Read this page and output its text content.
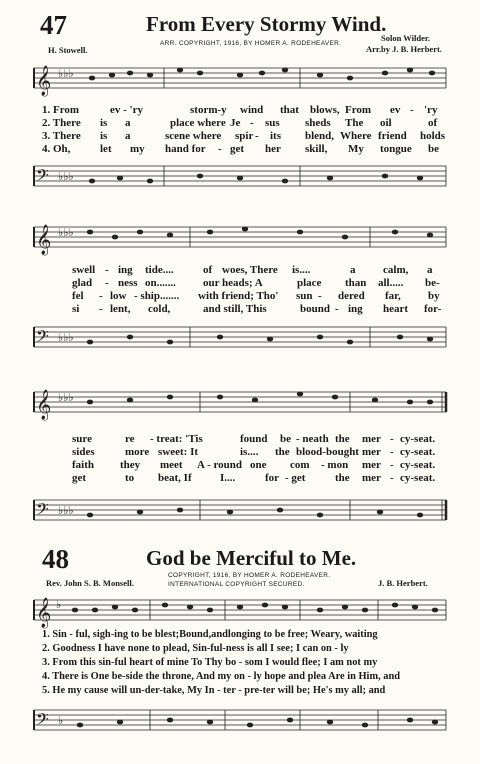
47	From Every Stormy Wind.
Solon Wilder.
H. Stowell.
ARR. COPYRIGHT, 1916, BY HOMER A. RODEHEAVER.
Arr.by J. B. Herbert.
𝄞 ♭♭♭
1. From	ev - 'ry	storm-y wind that blows, From ev - 'ry
2. There is a	place where Je - sus sheds The oil	of
3. There is a	scene where spir - its blend, Where friend holds
4. Oh,	let my hand for - get her skill, My tongue be
𝄢 ♭♭♭
𝄞 ♭♭♭
swell - ing tide....	of woes, There is....	a	calm, a
glad - ness on....... our heads; A	place than all..... be-
fel - low - ship....... with friend; Tho' sun - dered far, by
si - lent, cold,	and still, This	bound - ing heart for-
𝄢 ♭♭♭
𝄞 ♭♭♭
sure	re - treat: 'Tis	found be - neath the mer - cy-seat.
sides	more sweet: It	is.... the blood-bought mer - cy-seat.
faith they meet A - round one com - mon mer - cy-seat.
get	to beat, If	I....	for - get	the mer - cy-seat.
𝄢 ♭♭♭
48	God be Merciful to Me.
COPYRIGHT, 1916, BY HOMER A. RODEHEAVER.
Rev. John S. B. Monsell.	INTERNATIONAL COPYRIGHT SECURED.	J. B. Herbert.
𝄞 ♭
1. Sin - ful, sigh-ing to be blest;Bound,andlonging to be free; Weary, waiting
2. Goodness I have none to plead, Sin-ful-ness is all I see; I can on - ly
3. From this sin-ful heart of mine To Thy bo - som I would flee; I am not my
4. There is One be-side the throne, And my on - ly hope and plea Are in Him, and
5. He my cause will un-der-take, My In - ter - pre-ter will be; He's my all; and
𝄢 ♭
